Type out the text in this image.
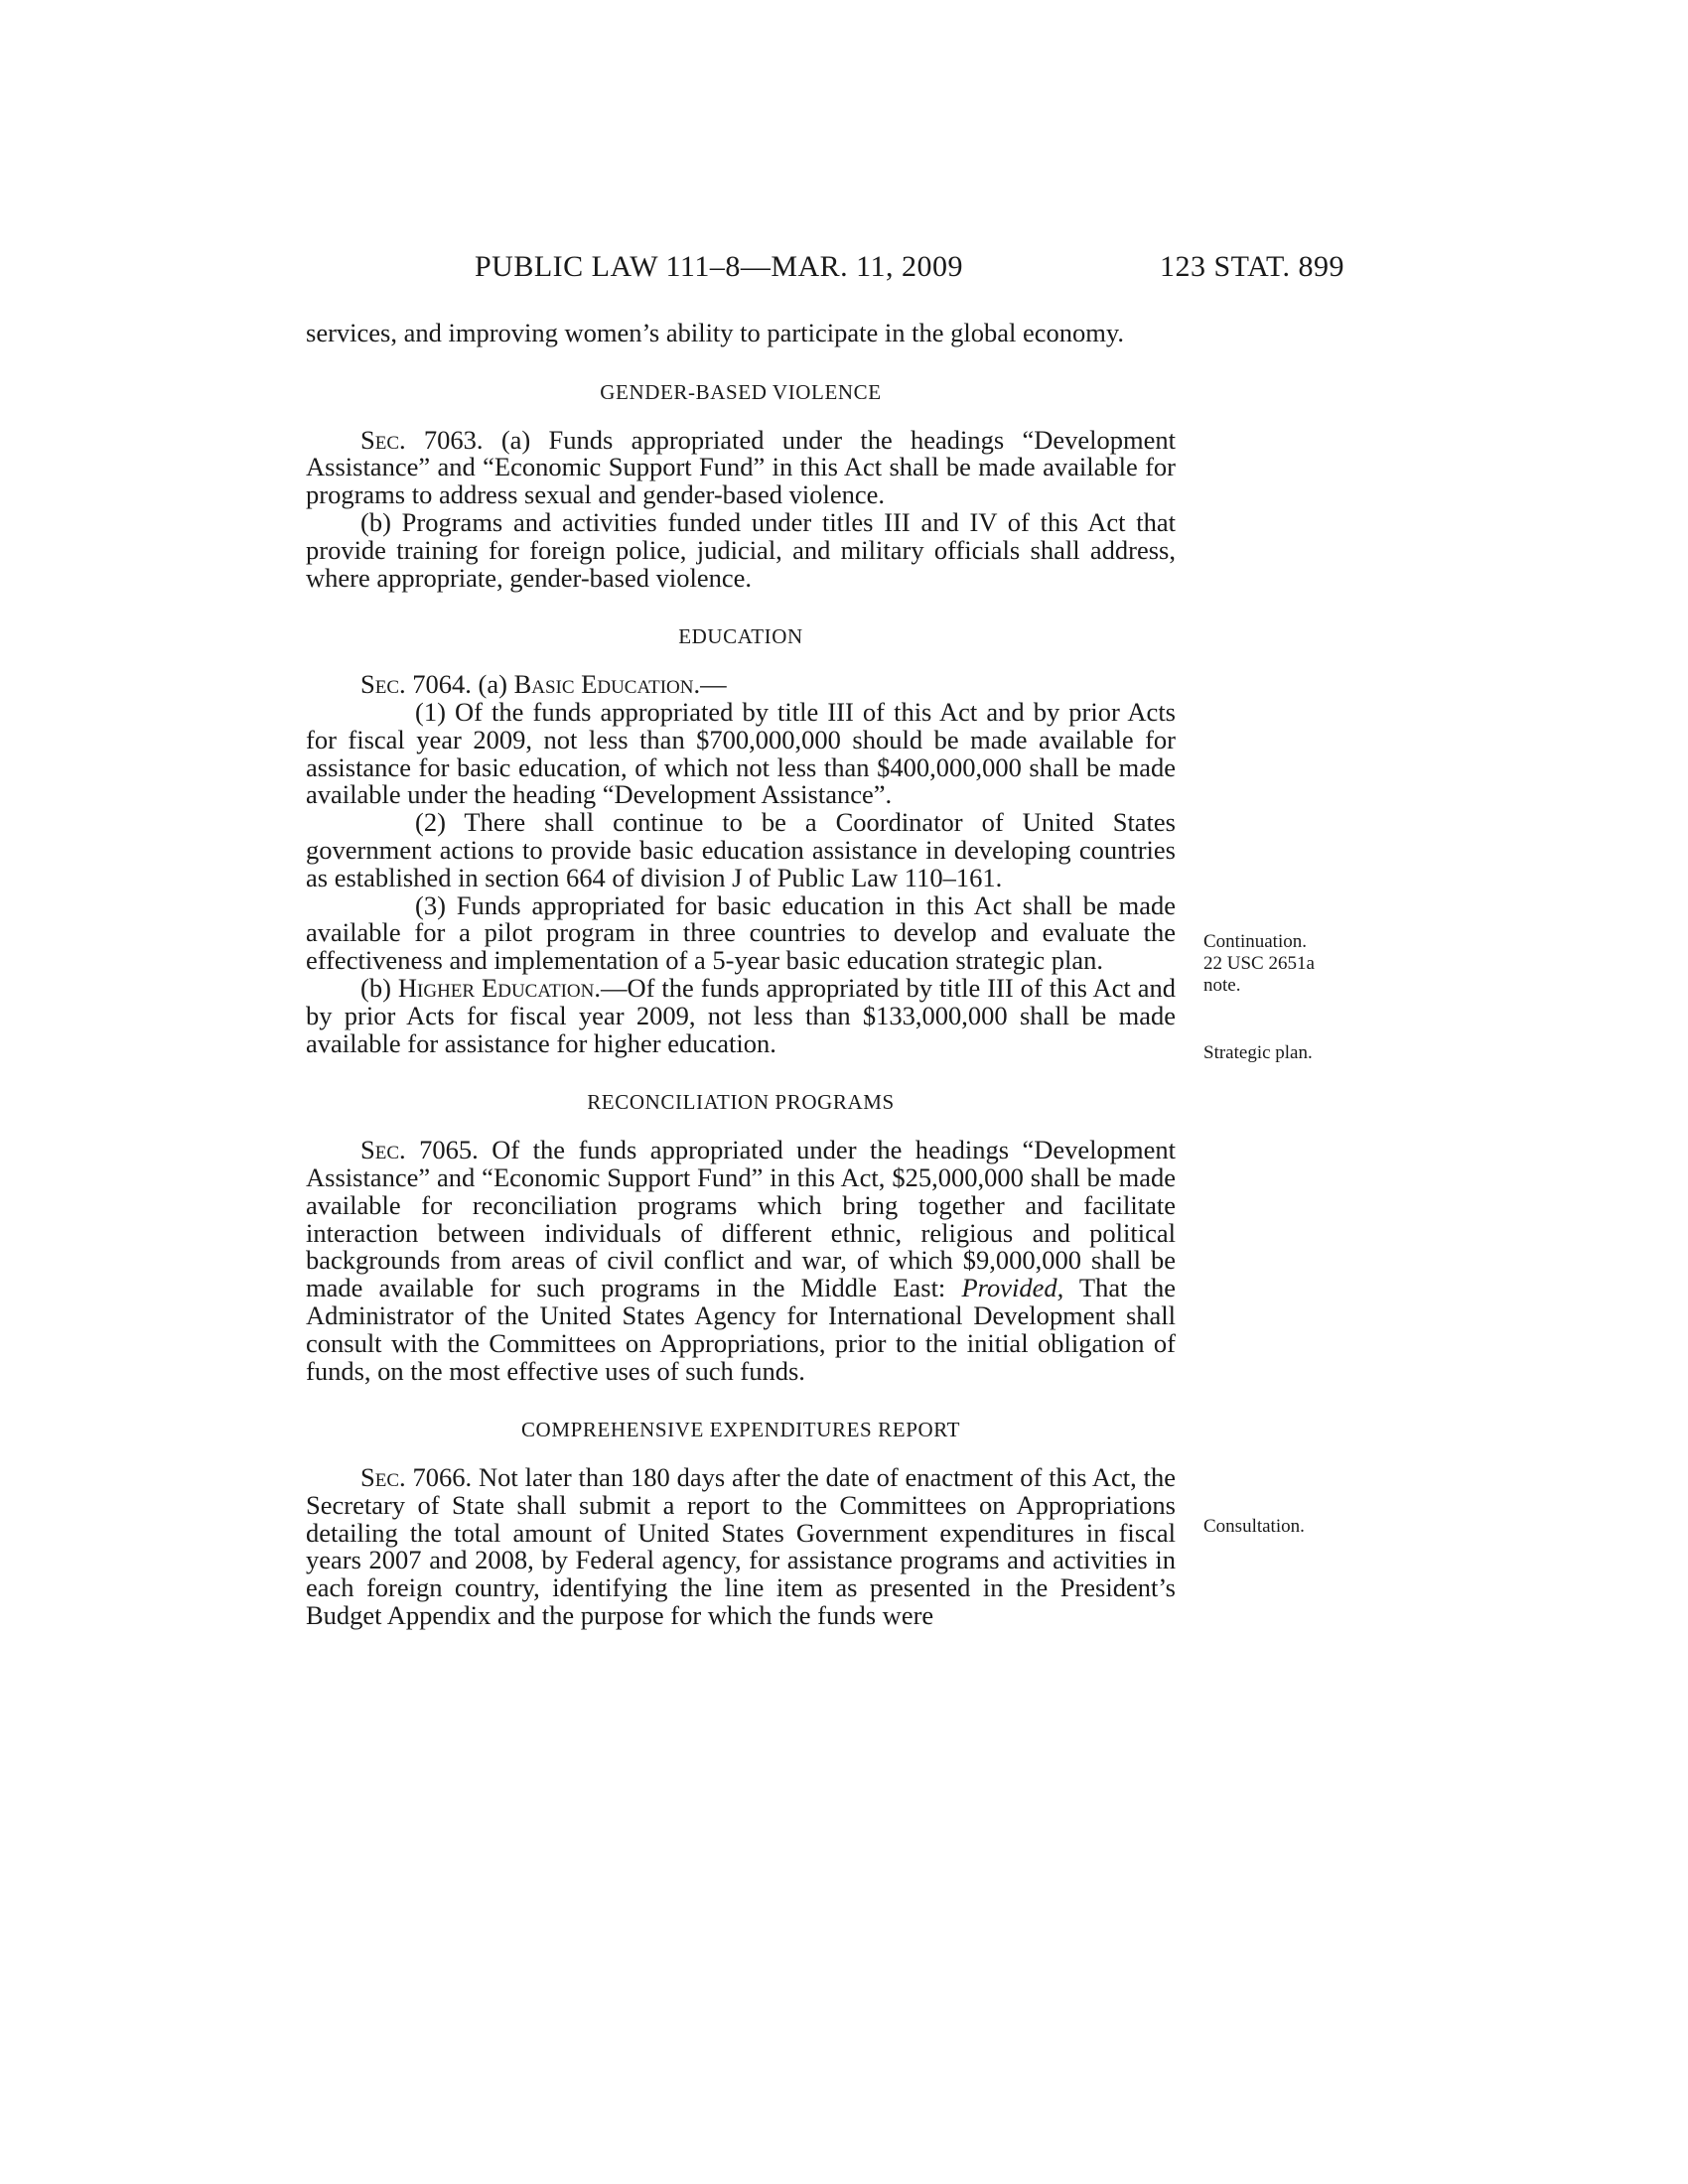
PUBLIC LAW 111–8—MAR. 11, 2009	123 STAT. 899

services, and improving women’s ability to participate in the global economy.

GENDER-BASED VIOLENCE

Sec. 7063. (a) Funds appropriated under the headings “Development Assistance” and “Economic Support Fund” in this Act shall be made available for programs to address sexual and gender-based violence.

(b) Programs and activities funded under titles III and IV of this Act that provide training for foreign police, judicial, and military officials shall address, where appropriate, gender-based violence.

EDUCATION

Sec. 7064. (a) Basic Education.—

(1) Of the funds appropriated by title III of this Act and by prior Acts for fiscal year 2009, not less than $700,000,000 should be made available for assistance for basic education, of which not less than $400,000,000 shall be made available under the heading “Development Assistance”.

(2) There shall continue to be a Coordinator of United States government actions to provide basic education assistance in developing countries as established in section 664 of division J of Public Law 110–161.

(3) Funds appropriated for basic education in this Act shall be made available for a pilot program in three countries to develop and evaluate the effectiveness and implementation of a 5-year basic education strategic plan.

(b) Higher Education.—Of the funds appropriated by title III of this Act and by prior Acts for fiscal year 2009, not less than $133,000,000 shall be made available for assistance for higher education.

RECONCILIATION PROGRAMS

Sec. 7065. Of the funds appropriated under the headings “Development Assistance” and “Economic Support Fund” in this Act, $25,000,000 shall be made available for reconciliation programs which bring together and facilitate interaction between individuals of different ethnic, religious and political backgrounds from areas of civil conflict and war, of which $9,000,000 shall be made available for such programs in the Middle East: Provided, That the Administrator of the United States Agency for International Development shall consult with the Committees on Appropriations, prior to the initial obligation of funds, on the most effective uses of such funds.

COMPREHENSIVE EXPENDITURES REPORT

Sec. 7066. Not later than 180 days after the date of enactment of this Act, the Secretary of State shall submit a report to the Committees on Appropriations detailing the total amount of United States Government expenditures in fiscal years 2007 and 2008, by Federal agency, for assistance programs and activities in each foreign country, identifying the line item as presented in the President’s Budget Appendix and the purpose for which the funds were

Continuation.
22 USC 2651a
note.
Strategic plan.
Consultation.
